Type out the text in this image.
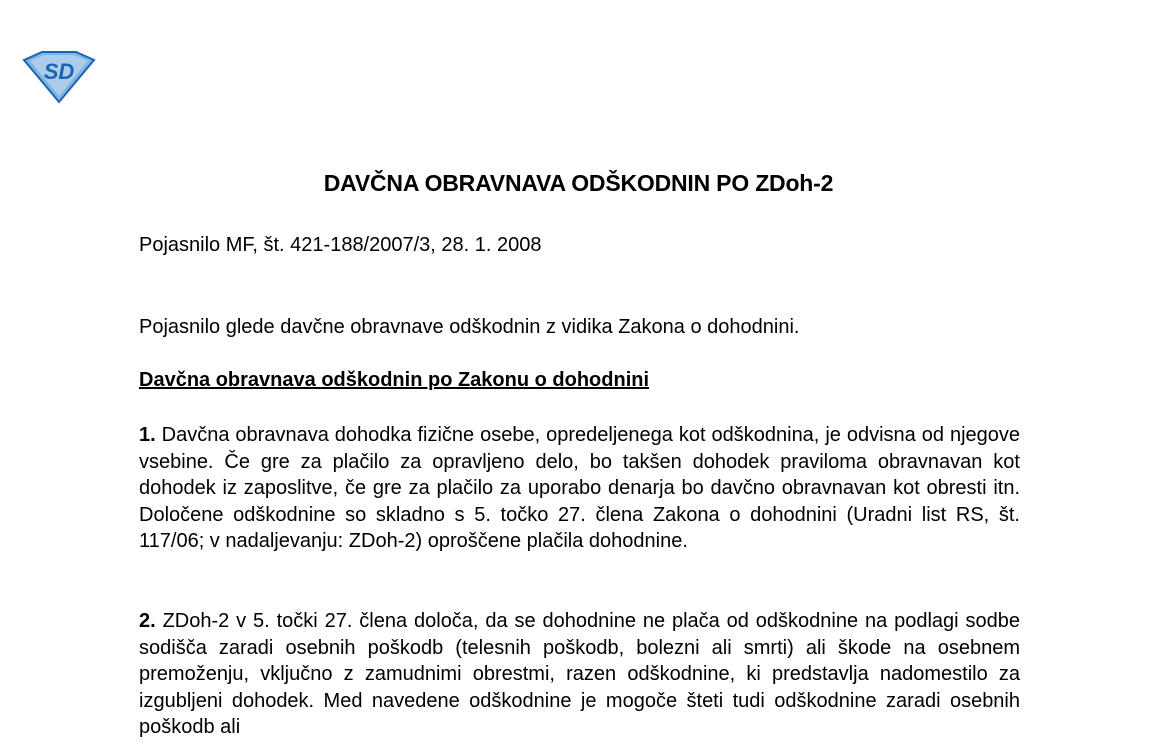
SD
DAVČNA OBRAVNAVA ODŠKODNIN PO ZDoh-2
Pojasnilo MF, št. 421-188/2007/3, 28. 1. 2008
Pojasnilo glede davčne obravnave odškodnin z vidika Zakona o dohodnini.
Davčna obravnava odškodnin po Zakonu o dohodnini
1. Davčna obravnava dohodka fizične osebe, opredeljenega kot odškodnina, je odvisna od njegove vsebine. Če gre za plačilo za opravljeno delo, bo takšen dohodek praviloma obravnavan kot dohodek iz zaposlitve, če gre za plačilo za uporabo denarja bo davčno obravnavan kot obresti itn. Določene odškodnine so skladno s 5. točko 27. člena Zakona o dohodnini (Uradni list RS, št. 117/06; v nadaljevanju: ZDoh-2) oproščene plačila dohodnine.
2. ZDoh-2 v 5. točki 27. člena določa, da se dohodnine ne plača od odškodnine na podlagi sodbe sodišča zaradi osebnih poškodb (telesnih poškodb, bolezni ali smrti) ali škode na osebnem premoženju, vključno z zamudnimi obrestmi, razen odškodnine, ki predstavlja nadomestilo za izgubljeni dohodek. Med navedene odškodnine je mogoče šteti tudi odškodnine zaradi osebnih poškodb ali
